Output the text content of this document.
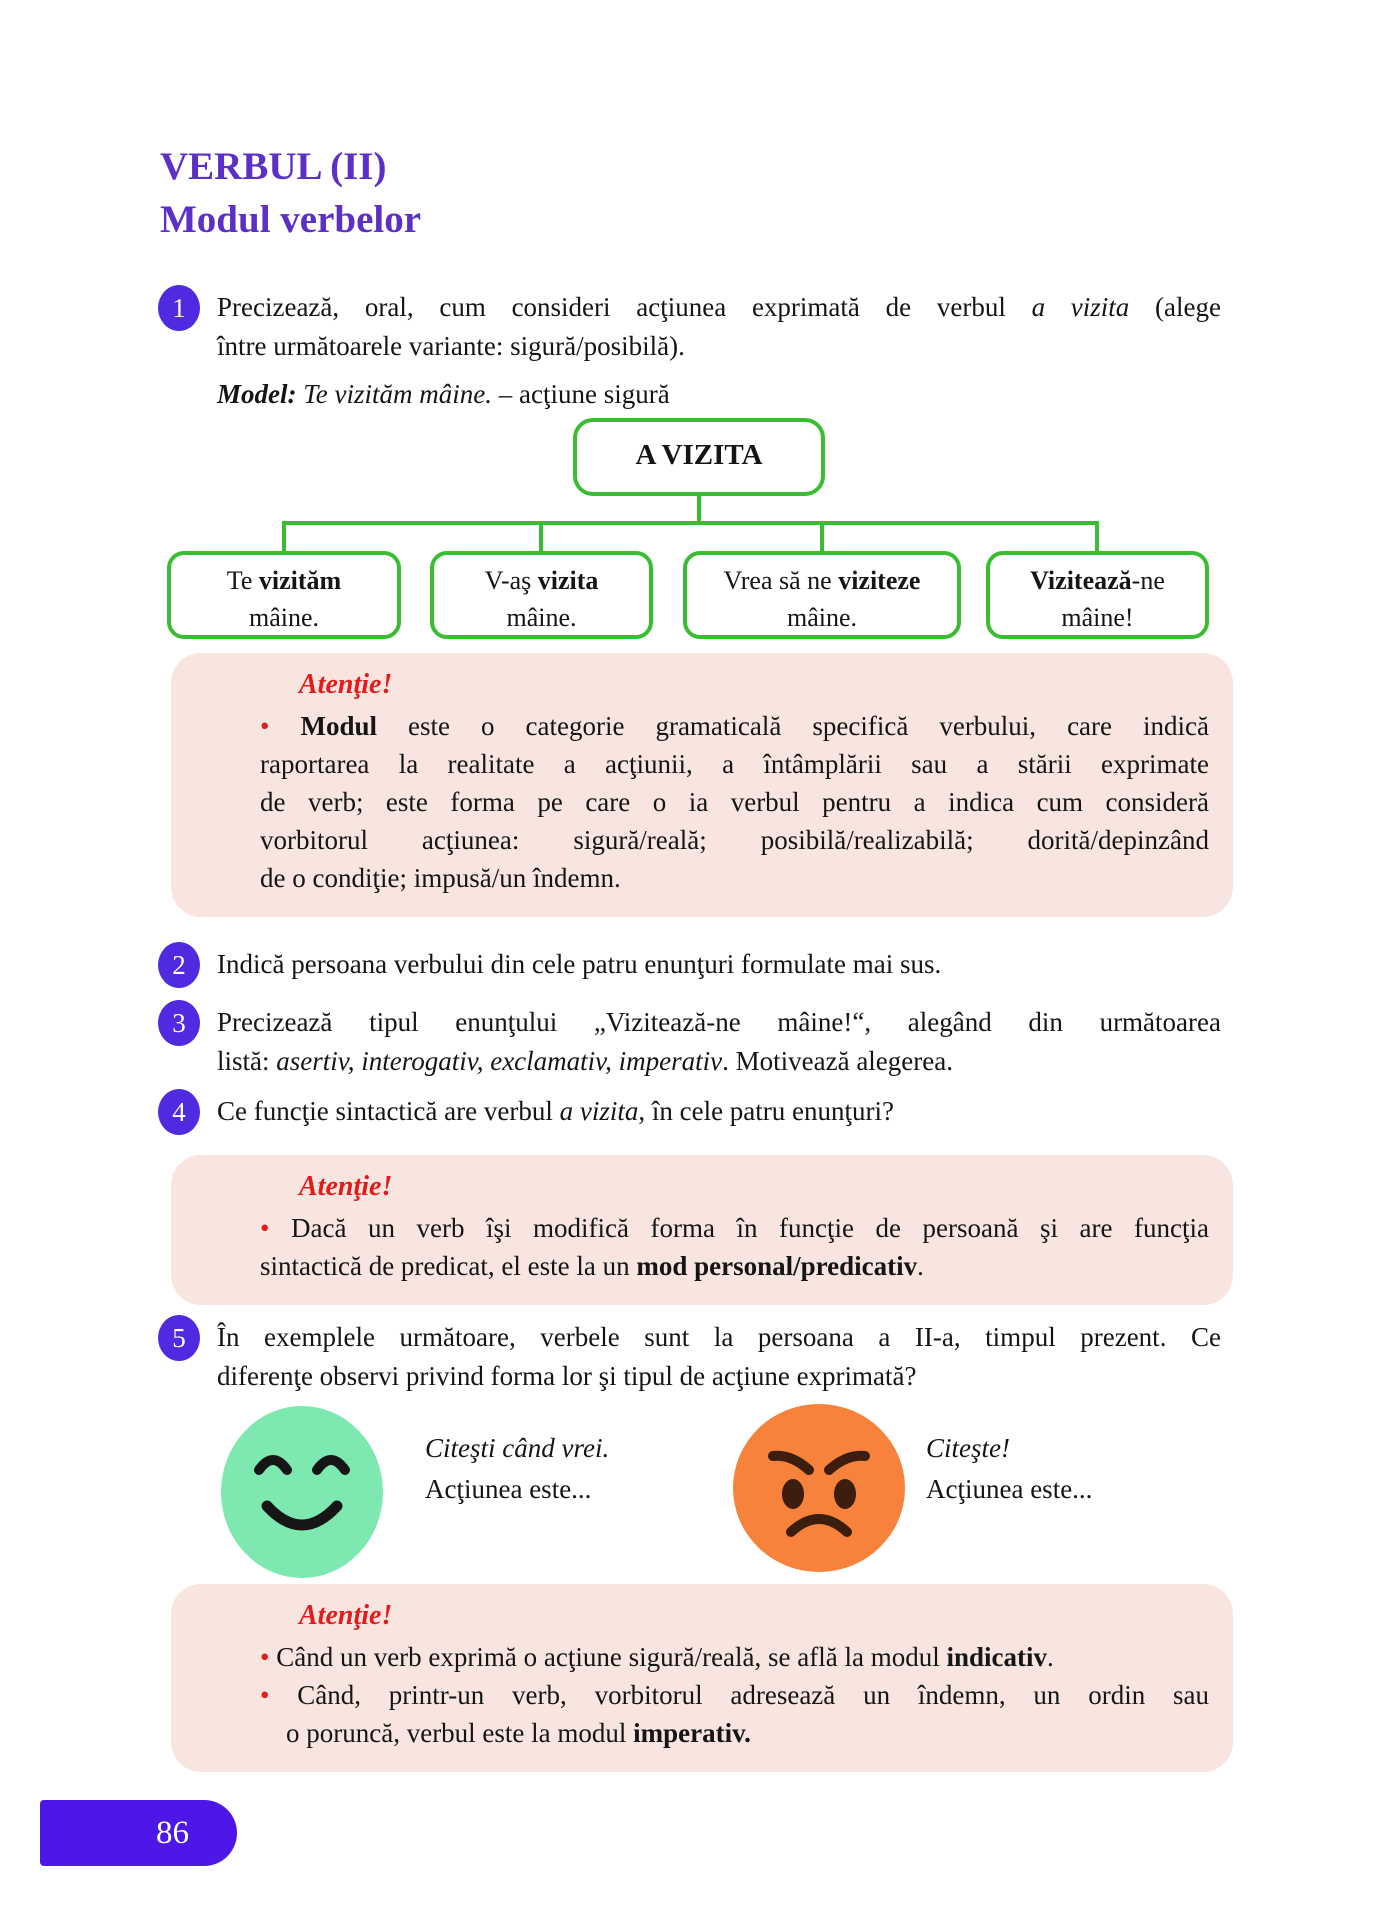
VERBUL (II)
Modul verbelor
1	Precizează, oral, cum consideri acţiunea exprimată de verbul a vizita (alege
între următoarele variante: sigură/posibilă).
Model: Te vizităm mâine. – acţiune sigură
A VIZITA
Te vizităm
mâine.
V-aş vizita
mâine.
Vrea să ne viziteze
mâine.
Vizitează-ne
mâine!
Atenţie!

• Modul este o categorie gramaticală specifică verbului, care indică
raportarea la realitate a acţiunii, a întâmplării sau a stării exprimate
de verb; este forma pe care o ia verbul pentru a indica cum consideră
vorbitorul acţiunea: sigură/reală; posibilă/realizabilă; dorită/depinzând
de o condiţie; impusă/un îndemn.

2	Indică persoana verbului din cele patru enunţuri formulate mai sus.
3	Precizează tipul enunţului „Vizitează-ne mâine!“, alegând din următoarea
listă: asertiv, interogativ, exclamativ, imperativ. Motivează alegerea.
4	Ce funcţie sintactică are verbul a vizita, în cele patru enunţuri?
Atenţie!

• Dacă un verb îşi modifică forma în funcţie de persoană şi are funcţia
sintactică de predicat, el este la un mod personal/predicativ.

5	În exemplele următoare, verbele sunt la persoana a II-a, timpul prezent. Ce
diferenţe observi privind forma lor şi tipul de acţiune exprimată?
Citeşti când vrei.
Acţiunea este...
Citeşte!
Acţiunea este...
Atenţie!

• Când un verb exprimă o acţiune sigură/reală, se află la modul indicativ.

• Când, printr-un verb, vorbitorul adresează un îndemn, un ordin sau
o poruncă, verbul este la modul imperativ.

86
